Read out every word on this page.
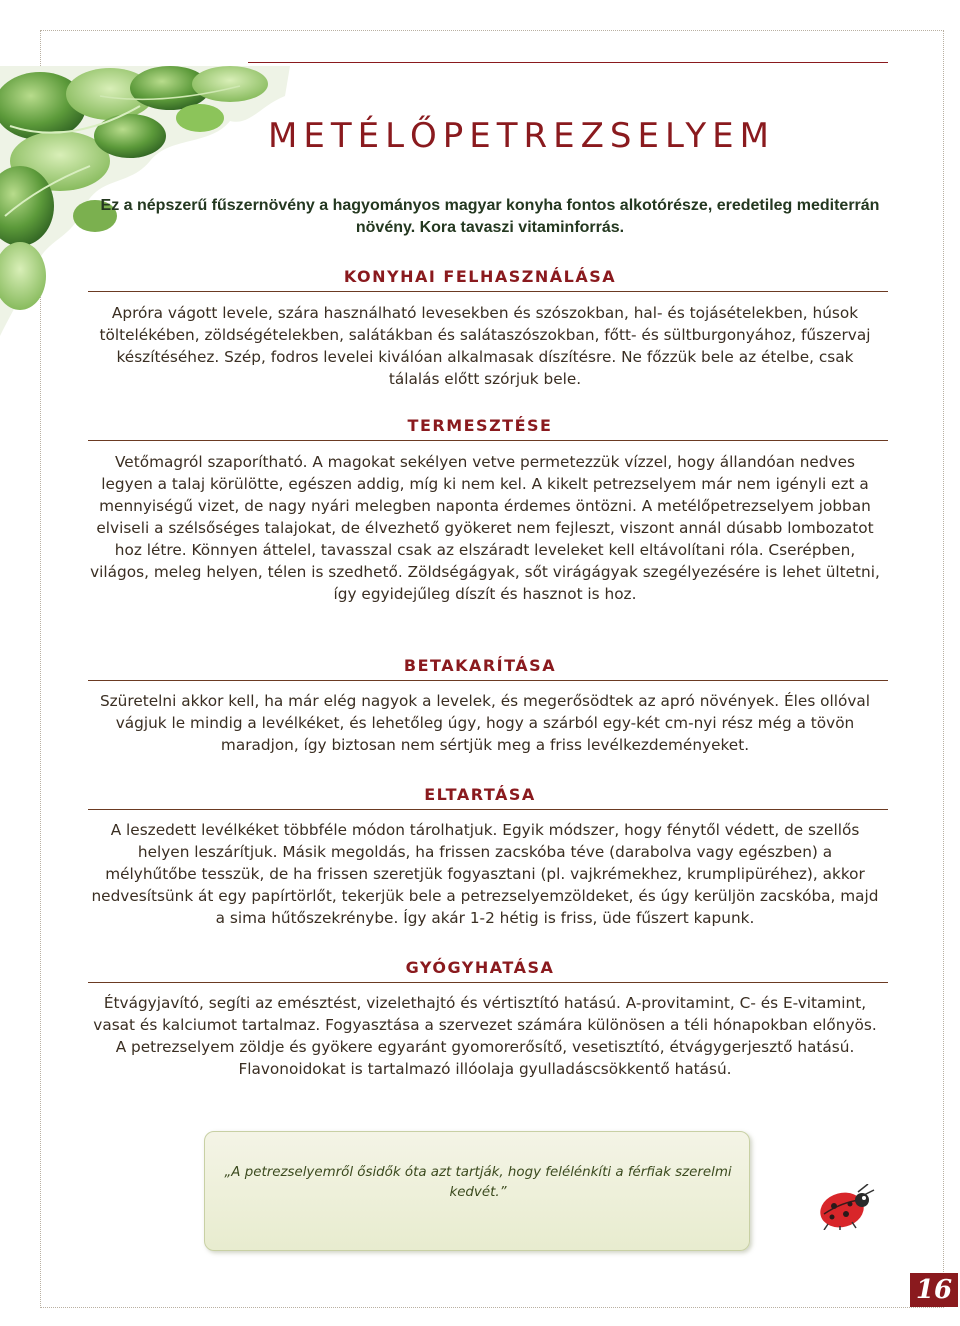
METÉLŐPETREZSELYEM
Ez a népszerű fűszernövény a hagyományos magyar konyha fontos alkotórésze, eredetileg mediterrán növény. Kora tavaszi vitaminforrás.
KONYHAI FELHASZNÁLÁSA
Apróra vágott levele, szára használható levesekben és szószokban, hal- és tojásételekben, húsok töltelékében, zöldségételekben, salátákban és salátaszószokban, főtt- és sültburgonyához, fűszervaj készítéséhez. Szép, fodros levelei kiválóan alkalmasak díszítésre. Ne főzzük bele az ételbe, csak tálalás előtt szórjuk bele.
TERMESZTÉSE
Vetőmagról szaporítható. A magokat sekélyen vetve permetezzük vízzel, hogy állandóan nedves legyen a talaj körülötte, egészen addig, míg ki nem kel. A kikelt petrezselyem már nem igényli ezt a mennyiségű vizet, de nagy nyári melegben naponta érdemes öntözni. A metélőpetrezselyem jobban elviseli a szélsőséges talajokat, de élvezhető gyökeret nem fejleszt, viszont annál dúsabb lombozatot hoz létre. Könnyen áttelel, tavasszal csak az elszáradt leveleket kell eltávolítani róla. Cserépben, világos, meleg helyen, télen is szedhető. Zöldségágyak, sőt virágágyak szegélyezésére is lehet ültetni, így egyidejűleg díszít és hasznot is hoz.
BETAKARÍTÁSA
Szüretelni akkor kell, ha már elég nagyok a levelek, és megerősödtek az apró növények. Éles ollóval vágjuk le mindig a levélkéket, és lehetőleg úgy, hogy a szárból egy-két cm-nyi rész még a tövön maradjon, így biztosan nem sértjük meg a friss levélkezdeményeket.
ELTARTÁSA
A leszedett levélkéket többféle módon tárolhatjuk. Egyik módszer, hogy fénytől védett, de szellős helyen leszárítjuk. Másik megoldás, ha frissen zacskóba téve (darabolva vagy egészben) a mélyhűtőbe tesszük, de ha frissen szeretjük fogyasztani (pl. vajkrémekhez, krumplipüréhez), akkor nedvesítsünk át egy papírtörlőt, tekerjük bele a petrezselyemzöldeket, és úgy kerüljön zacskóba, majd a sima hűtőszekrénybe. Így akár 1-2 hétig is friss, üde fűszert kapunk.
GYÓGYHATÁSA
Étvágyjavító, segíti az emésztést, vizelethajtó és vértisztító hatású. A-provitamint, C- és E-vitamint, vasat és kalciumot tartalmaz. Fogyasztása a szervezet számára különösen a téli hónapokban előnyös. A petrezselyem zöldje és gyökere egyaránt gyomorerősítő, vesetisztító, étvágygerjesztő hatású. Flavonoidokat is tartalmazó illóolaja gyulladáscsökkentő hatású.
„A petrezselyemről ősidők óta azt tartják, hogy felélénkíti a férfiak szerelmi kedvét.”
16
